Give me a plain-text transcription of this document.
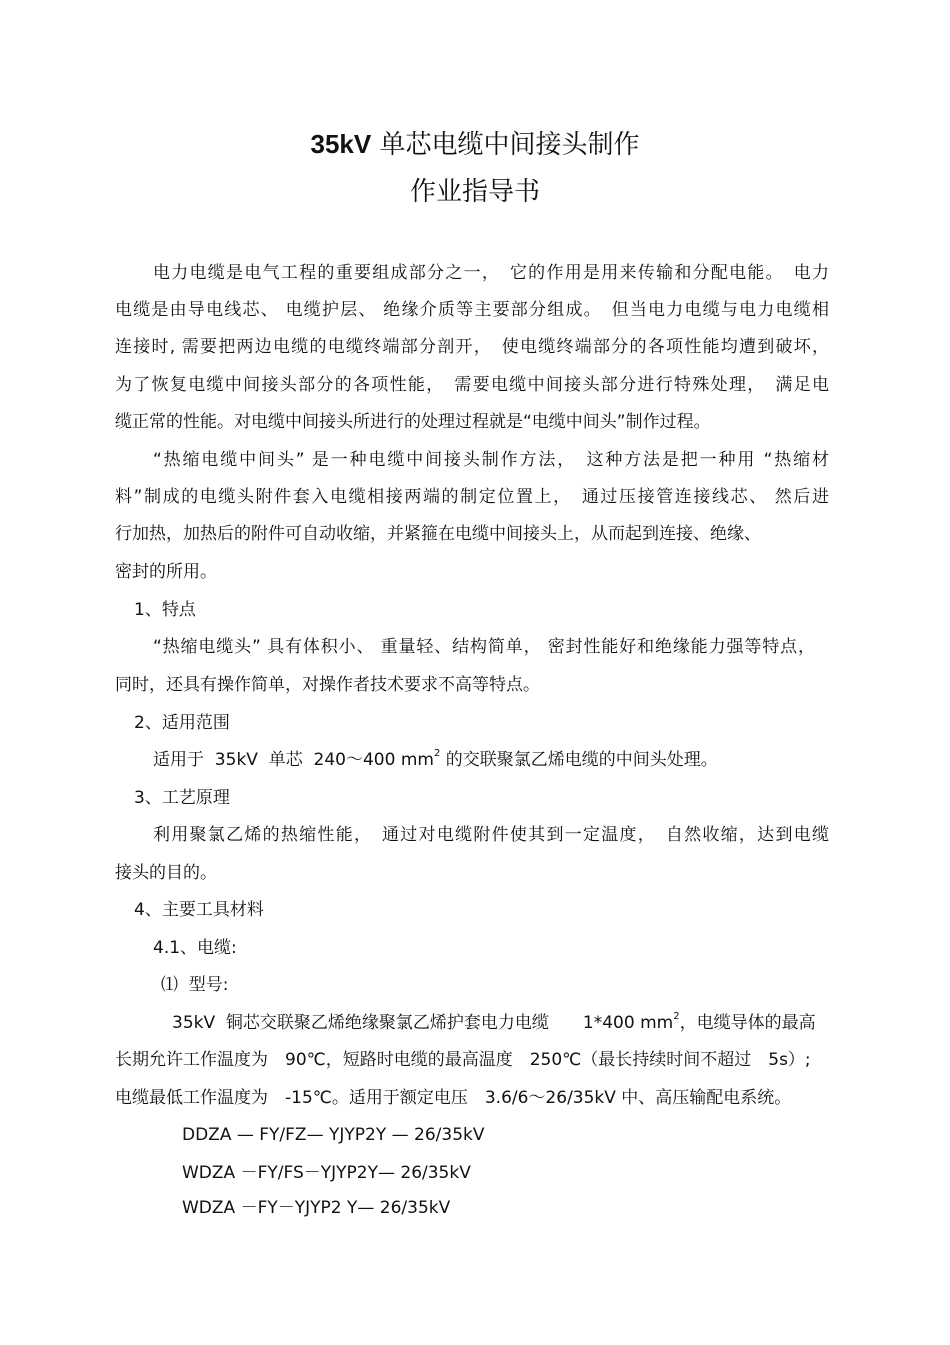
35kV 单芯电缆中间接头制作
作业指导书

电力电缆是电气工程的重要组成部分之一，　它的作用是用来传输和分配电能。　电力

电缆是由导电线芯、 电缆护层、 绝缘介质等主要部分组成。　但当电力电缆与电力电缆相

连接时, 需要把两边电缆的电缆终端部分剖开，　使电缆终端部分的各项性能均遭到破坏，

为了恢复电缆中间接头部分的各项性能，　需要电缆中间接头部分进行特殊处理，　满足电

缆正常的性能。对电缆中间接头所进行的处理过程就是“电缆中间头”制作过程。

“热缩电缆中间头” 是一种电缆中间接头制作方法，　这种方法是把一种用 “热缩材

料”制成的电缆头附件套入电缆相接两端的制定位置上，　通过压接管连接线芯、 然后进

行加热，加热后的附件可自动收缩，并紧箍在电缆中间接头上，从而起到连接、绝缘、

密封的所用。

1、特点

“热缩电缆头” 具有体积小、 重量轻、结构简单， 密封性能好和绝缘能力强等特点，

同时，还具有操作简单，对操作者技术要求不高等特点。

2、适用范围

适用于  35kV  单芯  240～400 $mm^2$ 的交联聚氯乙烯电缆的中间头处理。

3、工艺原理

利用聚氯乙烯的热缩性能，　通过对电缆附件使其到一定温度，　自然收缩，达到电缆

接头的目的。

4、主要工具材料

4.1、电缆:

⑴  型号:

35kV  铜芯交联聚乙烯绝缘聚氯乙烯护套电力电缆　　1*400 $mm^2$，电缆导体的最高

长期允许工作温度为　90℃，短路时电缆的最高温度　250℃（最长持续时间不超过　5s）;

电缆最低工作温度为　-15℃。适用于额定电压　3.6/6～26/35kV 中、高压输配电系统。

DDZA — FY/FZ— YJYP2Y — 26/35kV

WDZA －FY/FS－YJYP2Y— 26/35kV

WDZA －FY－YJYP2 Y— 26/35kV
